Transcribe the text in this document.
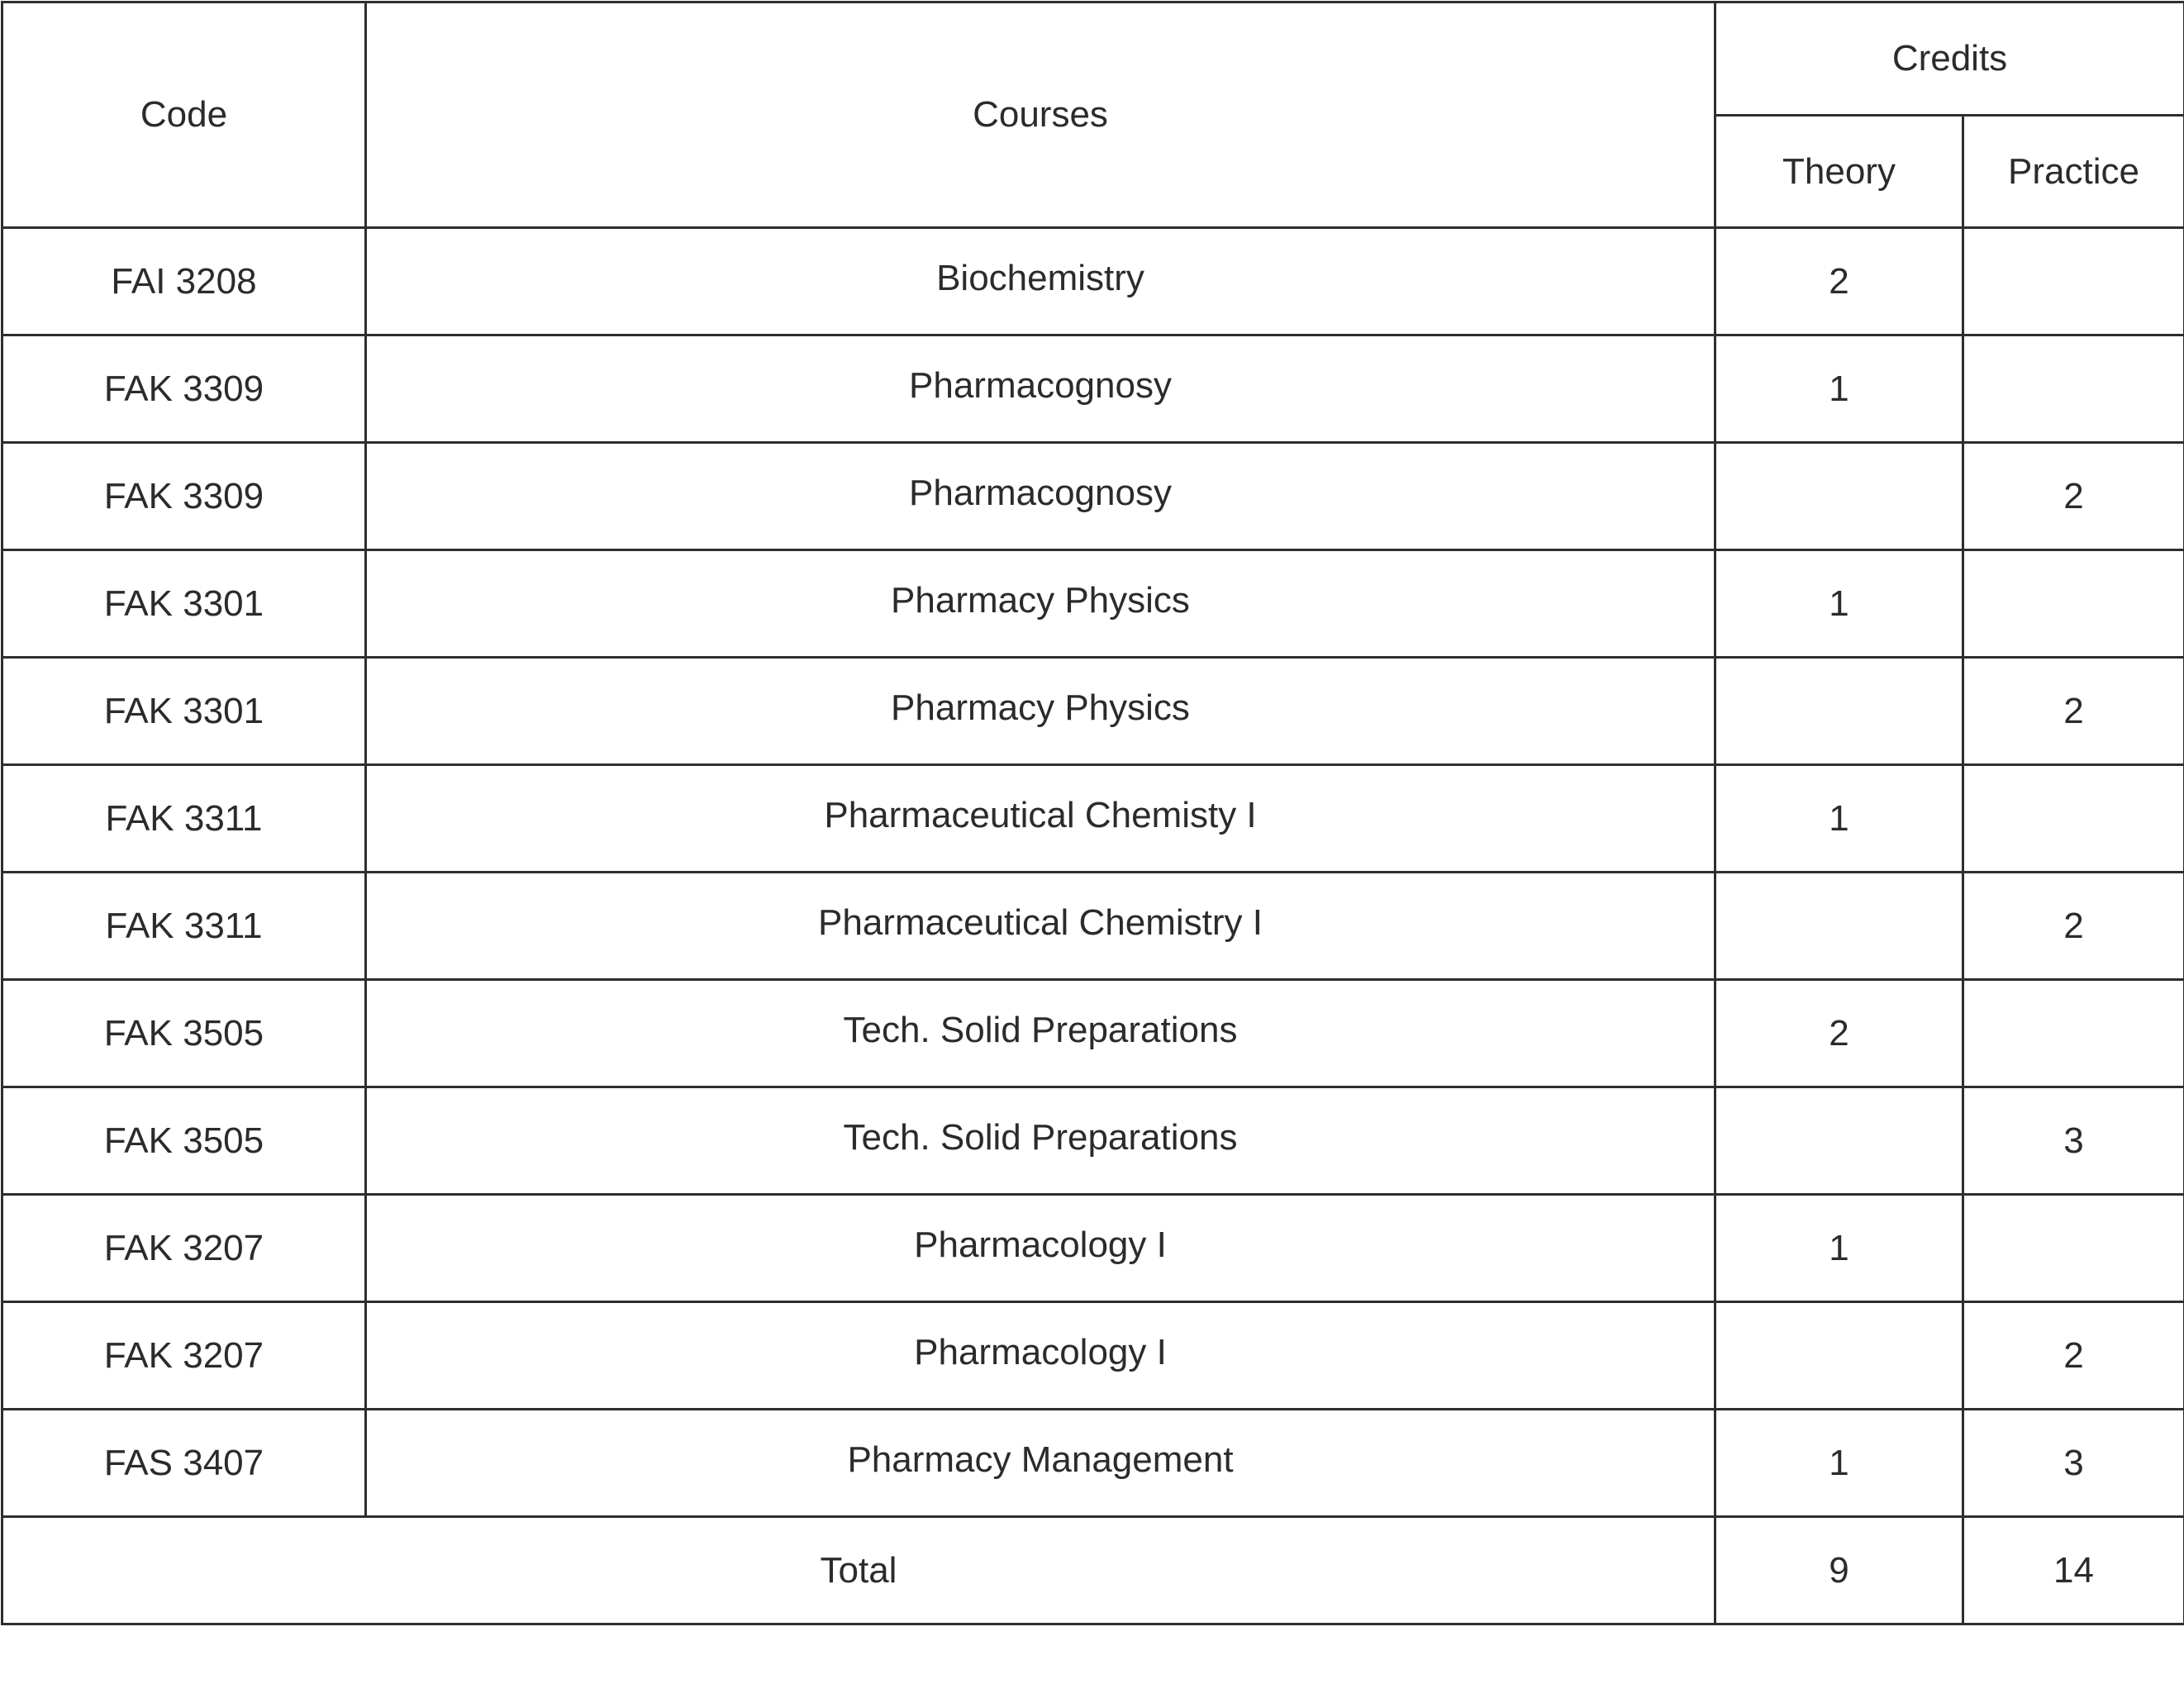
Code	Courses	Credits	
		Theory	Practice
FAI 3208	Biochemistry	2	
FAK 3309	Pharmacognosy	1	
FAK 3309	Pharmacognosy		2
FAK 3301	Pharmacy Physics	1	
FAK 3301	Pharmacy Physics		2
FAK 3311	Pharmaceutical Chemisty I	1	
FAK 3311	Pharmaceutical Chemistry I		2
FAK 3505	Tech. Solid Preparations	2	
FAK 3505	Tech. Solid Preparations		3
FAK 3207	Pharmacology I	1	
FAK 3207	Pharmacology I		2
FAS 3407	Pharmacy Management	1	3
Total		9	14
